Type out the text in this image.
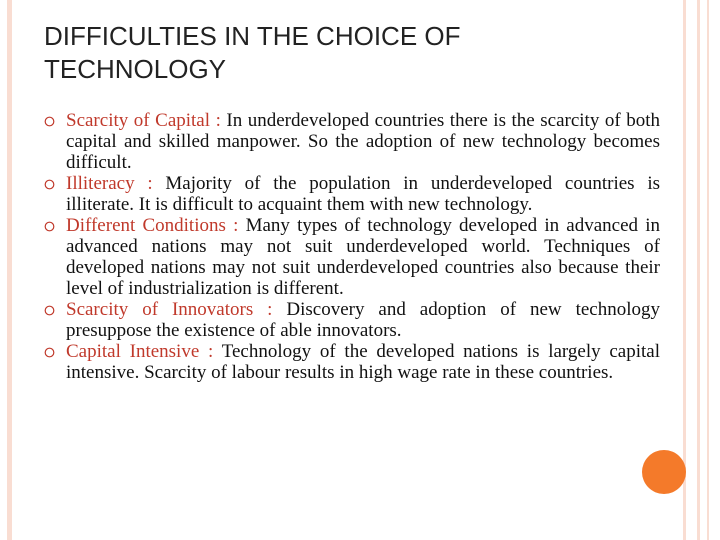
DIFFICULTIES IN THE CHOICE OF
TECHNOLOGY
Scarcity of Capital : In underdeveloped countries there is the scarcity of both capital and skilled manpower. So the adoption of new technology becomes difficult.
Illiteracy : Majority of the population in underdeveloped countries is illiterate. It is difficult to acquaint them with new technology.
Different Conditions : Many types of technology developed in advanced in advanced nations may not suit underdeveloped world. Techniques of developed nations may not suit underdeveloped countries also because their level of industrialization is different.
Scarcity of Innovators : Discovery and adoption of new technology presuppose the existence of able innovators.
Capital Intensive : Technology of the developed nations is largely capital intensive. Scarcity of labour results in high wage rate in these countries.
